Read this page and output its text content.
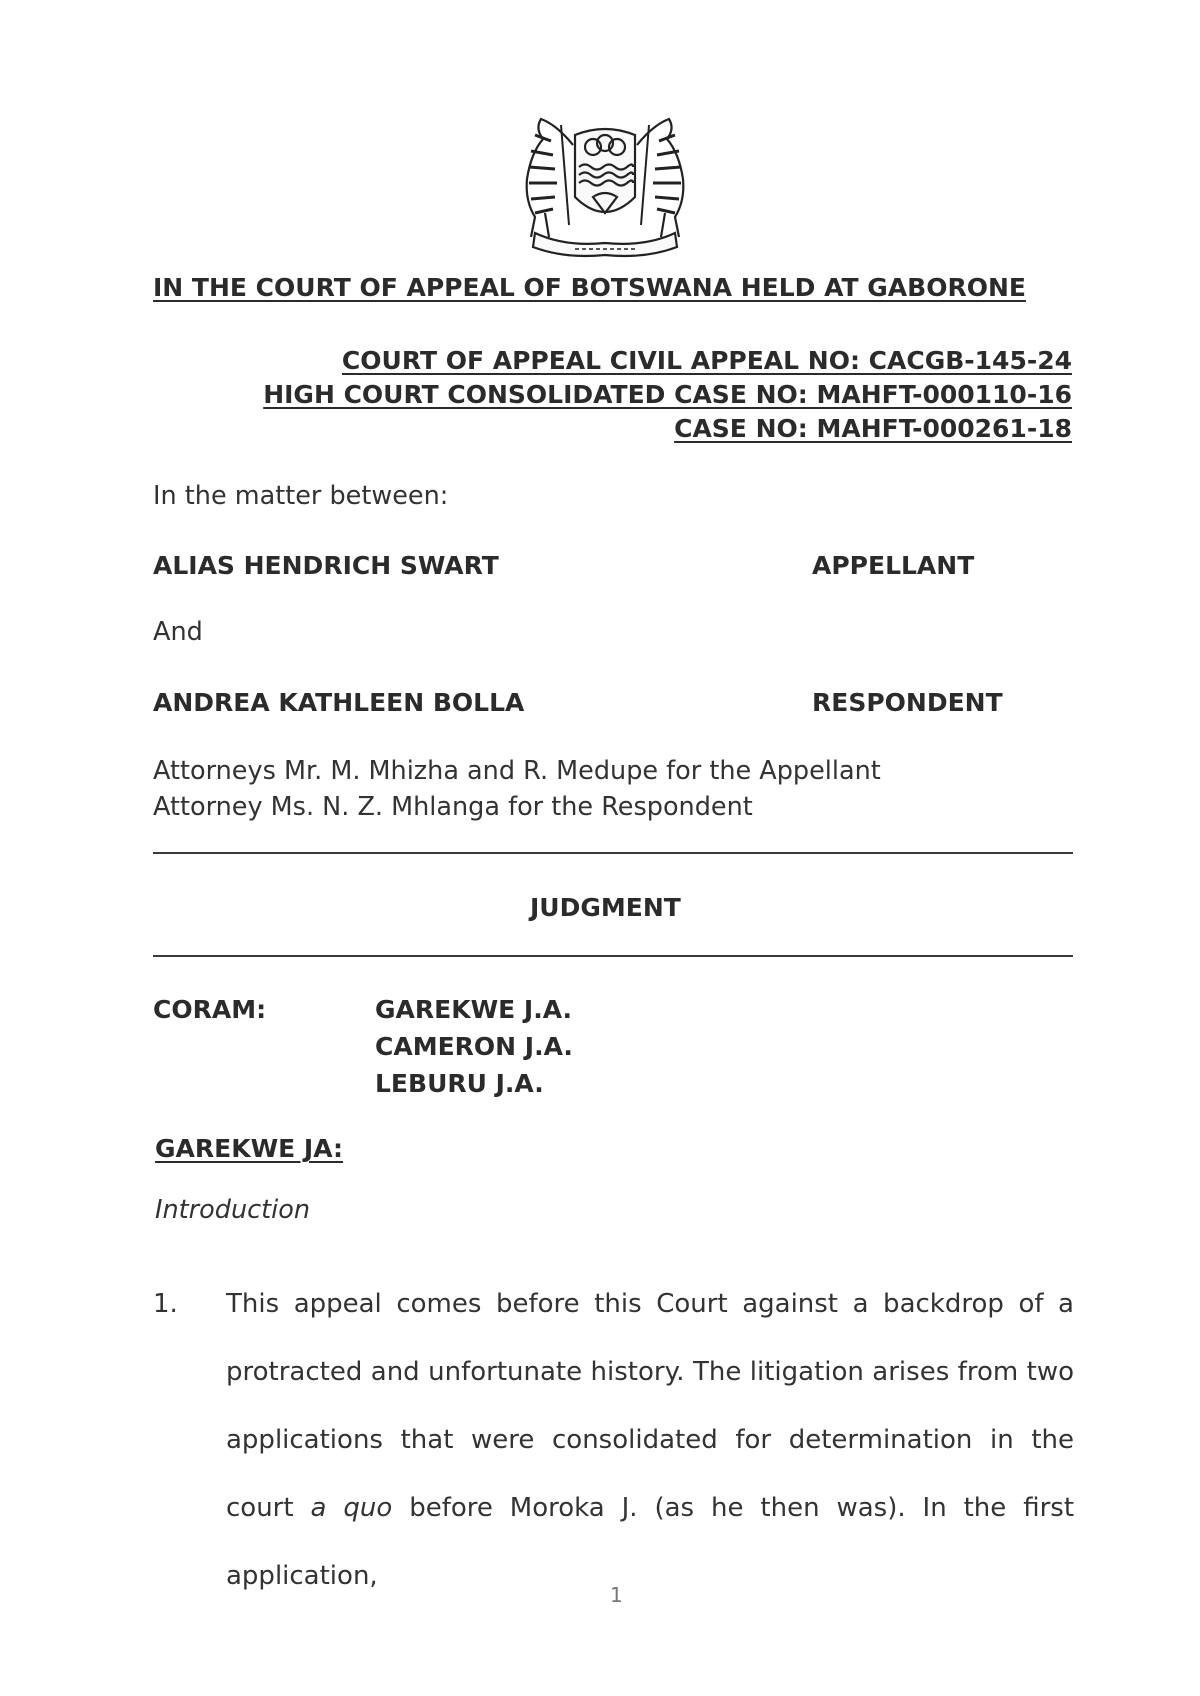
IN THE COURT OF APPEAL OF BOTSWANA HELD AT GABORONE
COURT OF APPEAL CIVIL APPEAL NO: CACGB-145-24
HIGH COURT CONSOLIDATED CASE NO: MAHFT-000110-16
CASE NO: MAHFT-000261-18
In the matter between:
ALIAS HENDRICH SWART	APPELLANT
And
ANDREA KATHLEEN BOLLA	RESPONDENT
Attorneys Mr. M. Mhizha and R. Medupe for the Appellant
Attorney Ms. N. Z. Mhlanga for the Respondent
JUDGMENT
CORAM:	GAREKWE J.A.
CAMERON J.A.
LEBURU J.A.
GAREKWE JA:
Introduction
1. This appeal comes before this Court against a backdrop of a protracted and unfortunate history. The litigation arises from two applications that were consolidated for determination in the court a quo before Moroka J. (as he then was). In the first application,
1
